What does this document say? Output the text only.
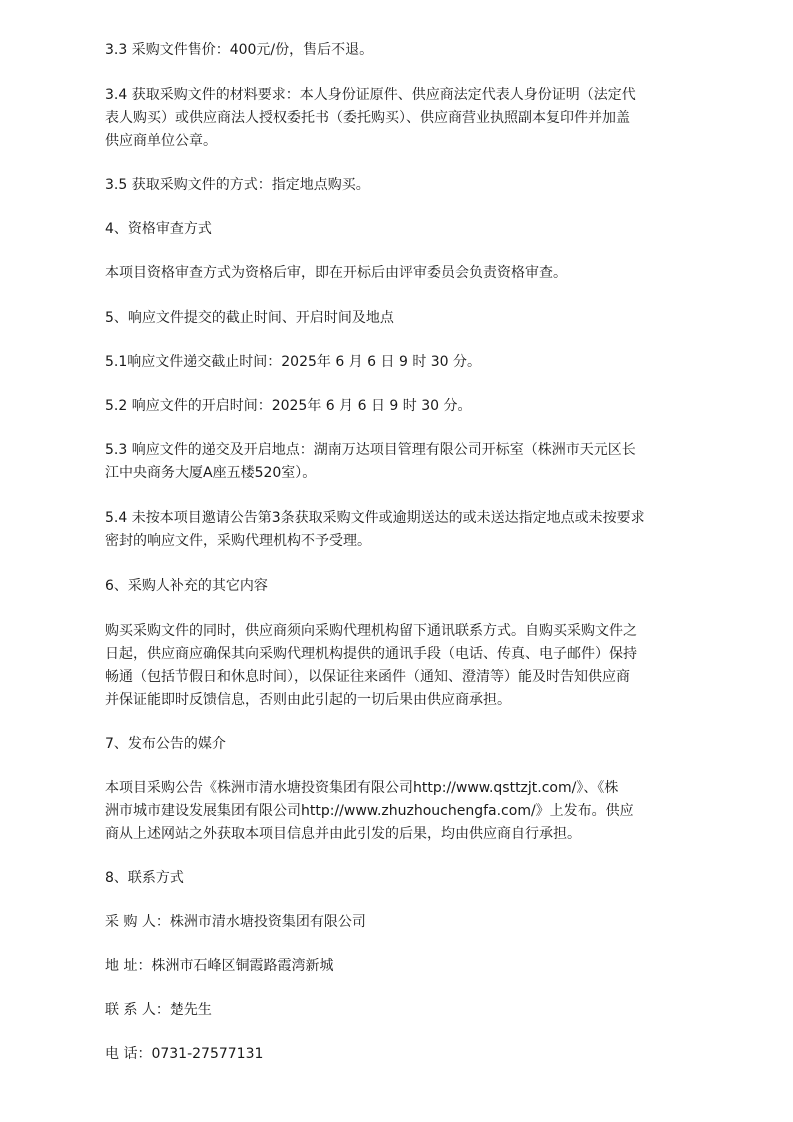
3.3 采购文件售价：400元/份，售后不退。
3.4 获取采购文件的材料要求：本人身份证原件、供应商法定代表人身份证明（法定代
表人购买）或供应商法人授权委托书（委托购买）、供应商营业执照副本复印件并加盖
供应商单位公章。
3.5 获取采购文件的方式：指定地点购买。
4、资格审查方式
本项目资格审查方式为资格后审，即在开标后由评审委员会负责资格审查。
5、响应文件提交的截止时间、开启时间及地点
5.1响应文件递交截止时间：2025年 6 月 6 日 9 时 30 分。
5.2 响应文件的开启时间：2025年 6 月 6 日 9 时 30 分。
5.3 响应文件的递交及开启地点：湖南万达项目管理有限公司开标室（株洲市天元区长
江中央商务大厦A座五楼520室）。
5.4 未按本项目邀请公告第3条获取采购文件或逾期送达的或未送达指定地点或未按要求
密封的响应文件，采购代理机构不予受理。
6、采购人补充的其它内容
购买采购文件的同时，供应商须向采购代理机构留下通讯联系方式。自购买采购文件之
日起，供应商应确保其向采购代理机构提供的通讯手段（电话、传真、电子邮件）保持
畅通（包括节假日和休息时间），以保证往来函件（通知、澄清等）能及时告知供应商
并保证能即时反馈信息，否则由此引起的一切后果由供应商承担。
7、发布公告的媒介
本项目采购公告《株洲市清水塘投资集团有限公司http://www.qsttzjt.com/》、《株
洲市城市建设发展集团有限公司http://www.zhuzhouchengfa.com/》上发布。供应
商从上述网站之外获取本项目信息并由此引发的后果，均由供应商自行承担。
8、联系方式
采 购 人：株洲市清水塘投资集团有限公司
地 址：株洲市石峰区铜霞路霞湾新城
联 系 人：楚先生
电 话：0731-27577131
